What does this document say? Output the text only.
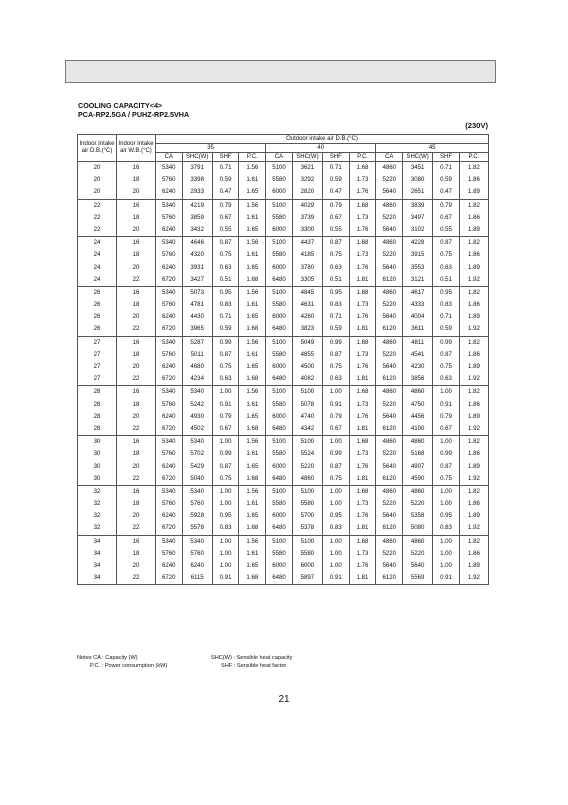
COOLING CAPACITY<4>
PCA-RP2.5GA / PUHZ-RP2.5VHA
(230V)
Indoor Intake air D.B.(°C)	Indoor Intake air W.B.(°C)	Outdoor intake air D.B.(°C)											
		35				40				45			
		CA	SHC(W)	SHF	P.C.	CA	SHC(W)	SHF	P.C.	CA	SHC(W)	SHF	P.C.
20	16	5340	3791	0.71	1.56	5100	3621	0.71	1.68	4860	3451	0.71	1.82
20	18	5760	3398	0.59	1.61	5580	3292	0.59	1.73	5220	3080	0.59	1.86
20	20	6240	2933	0.47	1.65	6000	2820	0.47	1.76	5640	2651	0.47	1.89
22	16	5340	4219	0.79	1.56	5100	4029	0.79	1.68	4860	3839	0.79	1.82
22	18	5760	3859	0.67	1.61	5580	3739	0.67	1.73	5220	3497	0.67	1.86
22	20	6240	3432	0.55	1.65	6000	3300	0.55	1.76	5640	3102	0.55	1.89
24	16	5340	4646	0.87	1.56	5100	4437	0.87	1.68	4860	4228	0.87	1.82
24	18	5760	4320	0.75	1.61	5580	4185	0.75	1.73	5220	3915	0.75	1.86
24	20	6240	3931	0.63	1.65	6000	3780	0.63	1.76	5640	3553	0.63	1.89
24	22	6720	3427	0.51	1.68	6480	3305	0.51	1.81	6120	3121	0.51	1.92
26	16	5340	5073	0.95	1.56	5100	4845	0.95	1.68	4860	4617	0.95	1.82
26	18	5760	4781	0.83	1.61	5580	4631	0.83	1.73	5220	4333	0.83	1.86
26	20	6240	4430	0.71	1.65	6000	4260	0.71	1.76	5640	4004	0.71	1.89
26	22	6720	3965	0.59	1.68	6480	3823	0.59	1.81	6120	3611	0.59	1.92
27	16	5340	5287	0.99	1.56	5100	5049	0.99	1.68	4860	4811	0.99	1.82
27	18	5760	5011	0.87	1.61	5580	4855	0.87	1.73	5220	4541	0.87	1.86
27	20	6240	4680	0.75	1.65	6000	4500	0.75	1.76	5640	4230	0.75	1.89
27	22	6720	4234	0.63	1.68	6480	4082	0.63	1.81	6120	3856	0.63	1.92
28	16	5340	5340	1.00	1.56	5100	5100	1.00	1.68	4860	4860	1.00	1.82
28	18	5760	5242	0.91	1.61	5580	5078	0.91	1.73	5220	4750	0.91	1.86
28	20	6240	4930	0.79	1.65	6000	4740	0.79	1.76	5640	4456	0.79	1.89
28	22	6720	4502	0.67	1.68	6480	4342	0.67	1.81	6120	4100	0.67	1.92
30	16	5340	5340	1.00	1.56	5100	5100	1.00	1.68	4860	4860	1.00	1.82
30	18	5760	5702	0.99	1.61	5580	5524	0.99	1.73	5220	5168	0.99	1.86
30	20	6240	5429	0.87	1.65	6000	5220	0.87	1.76	5640	4907	0.87	1.89
30	22	6720	5040	0.75	1.68	6480	4860	0.75	1.81	6120	4590	0.75	1.92
32	16	5340	5340	1.00	1.56	5100	5100	1.00	1.68	4860	4860	1.00	1.82
32	18	5760	5760	1.00	1.61	5580	5580	1.00	1.73	5220	5220	1.00	1.86
32	20	6240	5928	0.95	1.65	6000	5700	0.95	1.76	5640	5358	0.95	1.89
32	22	6720	5578	0.83	1.68	6480	5378	0.83	1.81	6120	5080	0.83	1.92
34	16	5340	5340	1.00	1.56	5100	5100	1.00	1.68	4860	4860	1.00	1.82
34	18	5760	5760	1.00	1.61	5580	5580	1.00	1.73	5220	5220	1.00	1.86
34	20	6240	6240	1.00	1.65	6000	6000	1.00	1.76	5640	5640	1.00	1.89
34	22	6720	6115	0.91	1.68	6480	5897	0.91	1.81	6120	5569	0.91	1.92
Notes CA : Capacity (W)
P.C. : Power consumption (kW)
SHC(W) : Sensible heat capacity
SHF : Sensible heat factor
21
